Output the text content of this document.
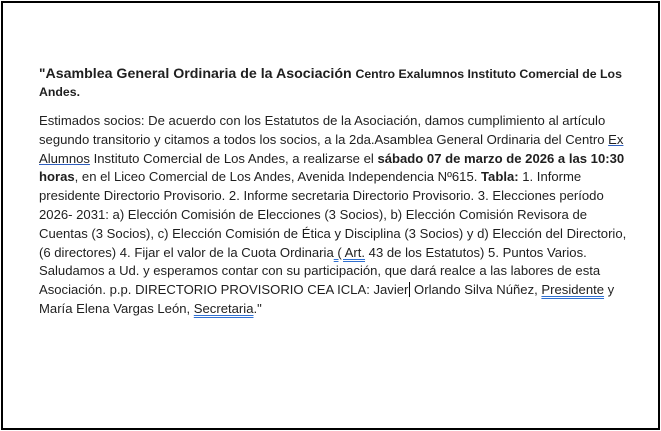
"Asamblea General Ordinaria de la Asociación Centro Exalumnos Instituto Comercial de Los Andes.

Estimados socios: De acuerdo con los Estatutos de la Asociación, damos cumplimiento al artículo segundo transitorio y citamos a todos los socios, a la 2da.Asamblea General Ordinaria del Centro Ex Alumnos Instituto Comercial de Los Andes, a realizarse el sábado 07 de marzo de 2026 a las 10:30 horas, en el Liceo Comercial de Los Andes, Avenida Independencia Nº615. Tabla: 1. Informe presidente Directorio Provisorio. 2. Informe secretaria Directorio Provisorio. 3. Elecciones período 2026- 2031: a) Elección Comisión de Elecciones (3 Socios), b) Elección Comisión Revisora de Cuentas (3 Socios), c) Elección Comisión de Ética y Disciplina (3 Socios) y d) Elección del Directorio, (6 directores) 4. Fijar el valor de la Cuota Ordinaria ( Art. 43 de los Estatutos) 5. Puntos Varios. Saludamos a Ud. y esperamos contar con su participación, que dará realce a las labores de esta Asociación. p.p. DIRECTORIO PROVISORIO CEA ICLA: Javier Orlando Silva Núñez, Presidente y María Elena Vargas León, Secretaria."
